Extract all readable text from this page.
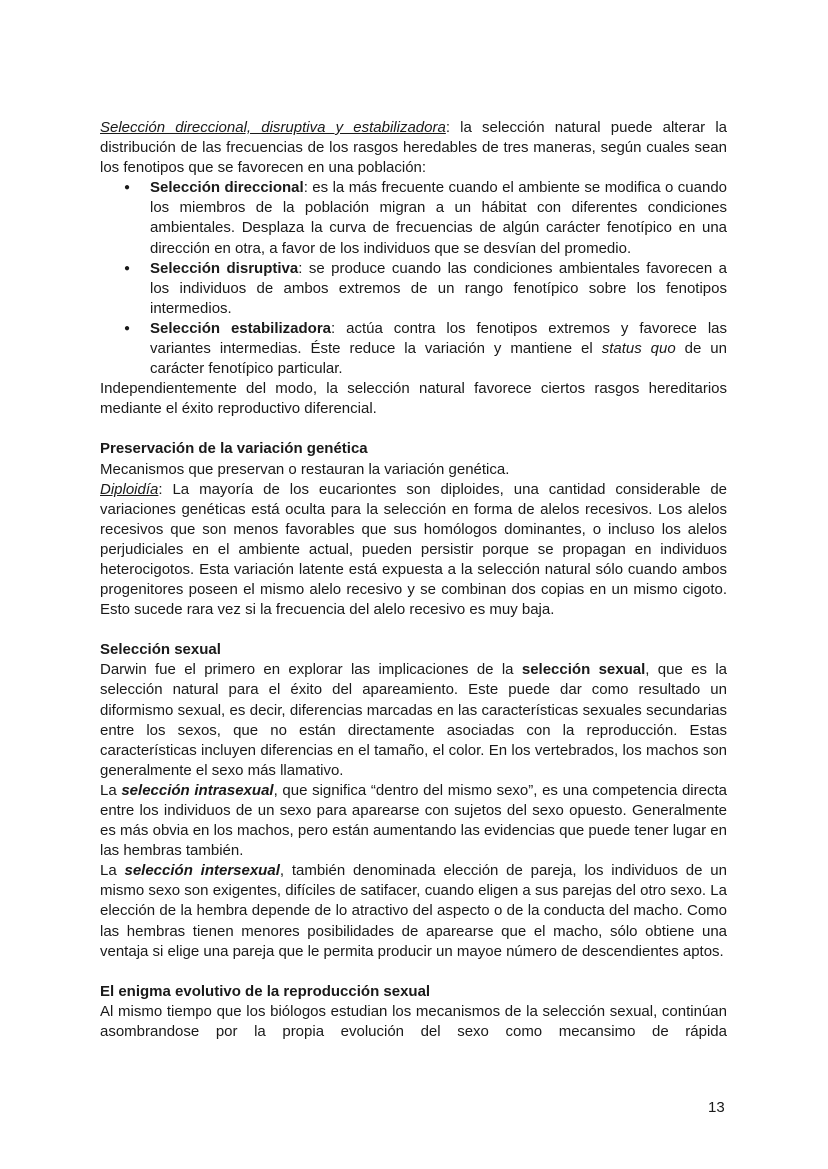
Selección direccional, disruptiva y estabilizadora: la selección natural puede alterar la distribución de las frecuencias de los rasgos heredables de tres maneras, según cuales sean los fenotipos que se favorecen en una población:

● Selección direccional: es la más frecuente cuando el ambiente se modifica o cuando los miembros de la población migran a un hábitat con diferentes condiciones ambientales. Desplaza la curva de frecuencias de algún carácter fenotípico en una dirección en otra, a favor de los individuos que se desvían del promedio.
● Selección disruptiva: se produce cuando las condiciones ambientales favorecen a los individuos de ambos extremos de un rango fenotípico sobre los fenotipos intermedios.
● Selección estabilizadora: actúa contra los fenotipos extremos y favorece las variantes intermedias. Éste reduce la variación y mantiene el status quo de un carácter fenotípico particular.

Independientemente del modo, la selección natural favorece ciertos rasgos hereditarios mediante el éxito reproductivo diferencial.

Preservación de la variación genética

Mecanismos que preservan o restauran la variación genética.

Diploidía: La mayoría de los eucariontes son diploides, una cantidad considerable de variaciones genéticas está oculta para la selección en forma de alelos recesivos. Los alelos recesivos que son menos favorables que sus homólogos dominantes, o incluso los alelos perjudiciales en el ambiente actual, pueden persistir porque se propagan en individuos heterocigotos. Esta variación latente está expuesta a la selección natural sólo cuando ambos progenitores poseen el mismo alelo recesivo y se combinan dos copias en un mismo cigoto. Esto sucede rara vez si la frecuencia del alelo recesivo es muy baja.

Selección sexual

Darwin fue el primero en explorar las implicaciones de la selección sexual, que es la selección natural para el éxito del apareamiento. Este puede dar como resultado un diformismo sexual, es decir, diferencias marcadas en las características sexuales secundarias entre los sexos, que no están directamente asociadas con la reproducción. Estas características incluyen diferencias en el tamaño, el color. En los vertebrados, los machos son generalmente el sexo más llamativo.

La selección intrasexual, que significa “dentro del mismo sexo”, es una competencia directa entre los individuos de un sexo para aparearse con sujetos del sexo opuesto. Generalmente es más obvia en los machos, pero están aumentando las evidencias que puede tener lugar en las hembras también.

La selección intersexual, también denominada elección de pareja, los individuos de un mismo sexo son exigentes, difíciles de satifacer, cuando eligen a sus parejas del otro sexo. La elección de la hembra depende de lo atractivo del aspecto o de la conducta del macho. Como las hembras tienen menores posibilidades de aparearse que el macho, sólo obtiene una ventaja si elige una pareja que le permita producir un mayoe número de descendientes aptos.

El enigma evolutivo de la reproducción sexual

Al mismo tiempo que los biólogos estudian los mecanismos de la selección sexual, continúan asombrandose por la propia evolución del sexo como mecansimo de rápida

13
